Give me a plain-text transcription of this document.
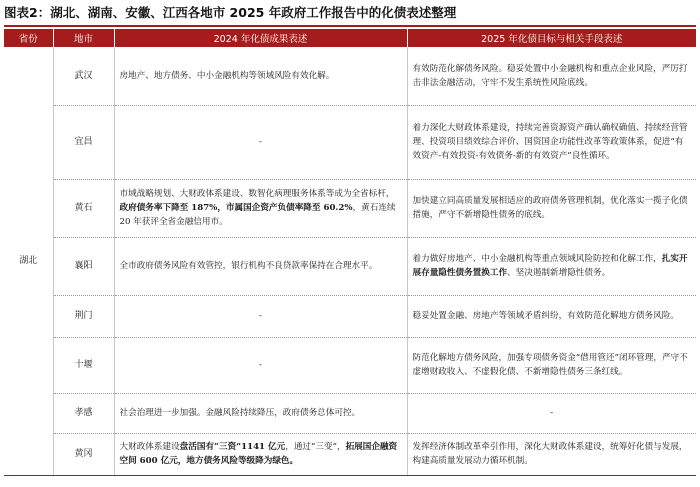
图表2：湖北、湖南、安徽、江西各地市 2025 年政府工作报告中的化债表述整理
省份	地市	2024 年化债成果表述	2025 年化债目标与相关手段表述
湖北	武汉	房地产、地方债务、中小金融机构等领域风险有效化解。	有效防范化解债务风险。稳妥处置中小金融机构和重点企业风险，严厉打击非法金融活动，守牢不发生系统性风险底线。
	宜昌	-	着力深化大财政体系建设，持续完善资源资产确认确权确值、持续经营管理、投资项目绩效综合评价、国资国企功能性改革等政策体系，促进“有效资产-有效投资-有效债务-新的有效资产”良性循环。
	黄石	市域战略规划、大财政体系建设、数智化病理服务体系等成为全省标杆，政府债务率下降至 187%，市属国企资产负债率降至 60.2%，黄石连续 20 年获评全省金融信用市。	加快建立同高质量发展相适应的政府债务管理机制，优化落实一揽子化债措施，严守不新增隐性债务的底线。
	襄阳	全市政府债务风险有效管控，银行机构不良贷款率保持在合理水平。	着力做好房地产、中小金融机构等重点领域风险防控和化解工作，扎实开展存量隐性债务置换工作、坚决遏制新增隐性债务。
	荆门	-	稳妥处置金融、房地产等领域矛盾纠纷，有效防范化解地方债务风险。
	十堰	-	防范化解地方债务风险，加强专项债务资金“借用管还”闭环管理，严守不虚增财政收入、不虚假化债、不新增隐性债务三条红线。
	孝感	社会治理进一步加强。金融风险持续降压，政府债务总体可控。	-
	黄冈	大财政体系建设盘活国有“三资”1141 亿元，通过“三变”，拓展国企融资空间 600 亿元，地方债务风险等级降为绿色。	发挥经济体制改革牵引作用，深化大财政体系建设，统筹好化债与发展，构建高质量发展动力循环机制。
